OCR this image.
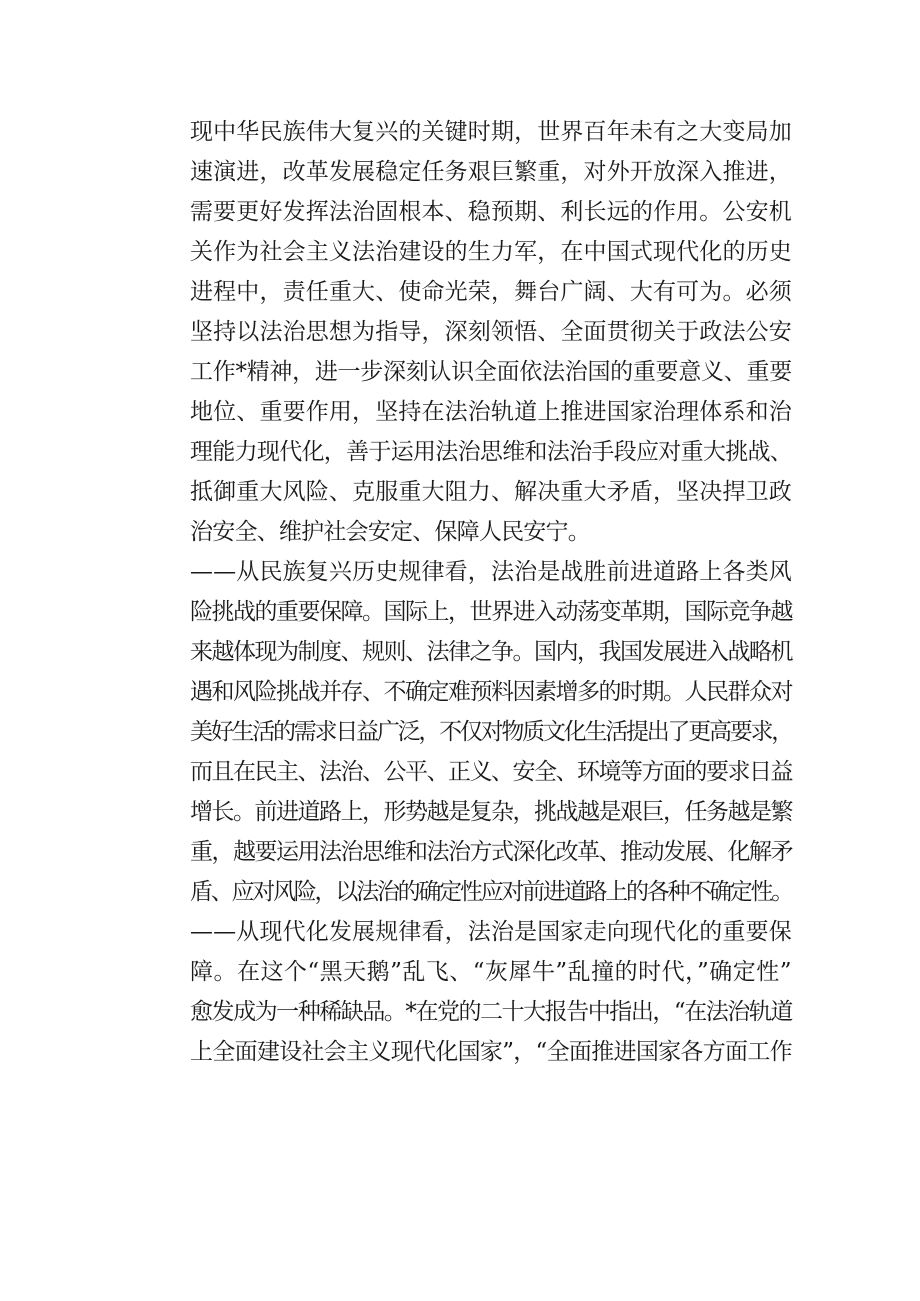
现中华民族伟大复兴的关键时期，世界百年未有之大变局加
速演进，改革发展稳定任务艰巨繁重，对外开放深入推进，
需要更好发挥法治固根本、稳预期、利长远的作用。公安机
关作为社会主义法治建设的生力军，在中国式现代化的历史
进程中，责任重大、使命光荣，舞台广阔、大有可为。必须
坚持以法治思想为指导，深刻领悟、全面贯彻关于政法公安
工作*精神，进一步深刻认识全面依法治国的重要意义、重要
地位、重要作用，坚持在法治轨道上推进国家治理体系和治
理能力现代化，善于运用法治思维和法治手段应对重大挑战、
抵御重大风险、克服重大阻力、解决重大矛盾，坚决捍卫政
治安全、维护社会安定、保障人民安宁。
——从民族复兴历史规律看，法治是战胜前进道路上各类风
险挑战的重要保障。国际上，世界进入动荡变革期，国际竞争越
来越体现为制度、规则、法律之争。国内，我国发展进入战略机
遇和风险挑战并存、不确定难预料因素增多的时期。人民群众对
美好生活的需求日益广泛，不仅对物质文化生活提出了更高要求，
而且在民主、法治、公平、正义、安全、环境等方面的要求日益
增长。前进道路上，形势越是复杂，挑战越是艰巨，任务越是繁
重，越要运用法治思维和法治方式深化改革、推动发展、化解矛
盾、应对风险，以法治的确定性应对前进道路上的各种不确定性。
——从现代化发展规律看，法治是国家走向现代化的重要保
障。在这个“黑天鹅”乱飞、“灰犀牛”乱撞的时代，”确定性”
愈发成为一种稀缺品。*在党的二十大报告中指出，“在法治轨道
上全面建设社会主义现代化国家”，“全面推进国家各方面工作
